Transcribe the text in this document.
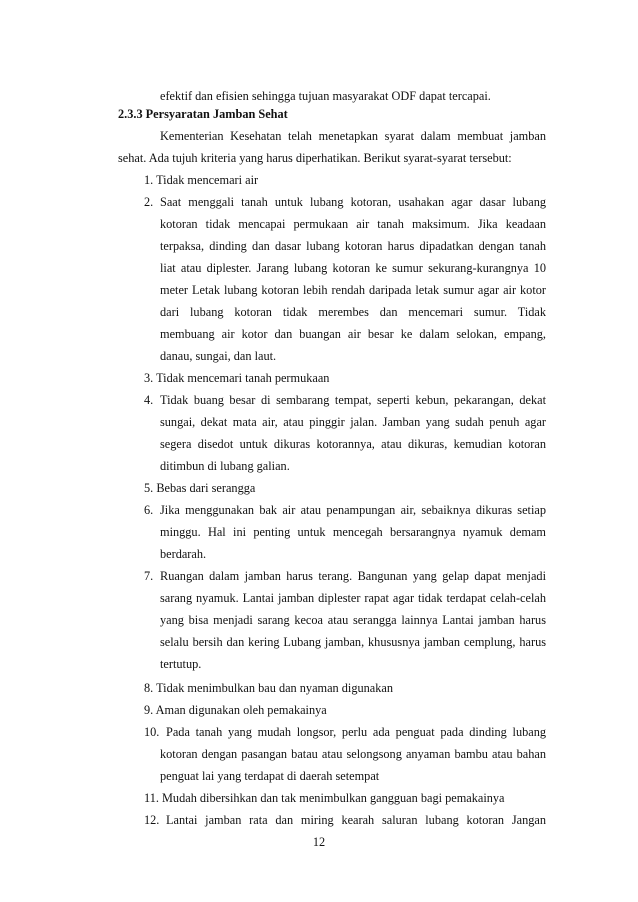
efektif dan efisien sehingga tujuan masyarakat ODF dapat tercapai.
2.3.3 Persyaratan Jamban Sehat
Kementerian Kesehatan telah menetapkan syarat dalam membuat jamban
sehat. Ada tujuh kriteria yang harus diperhatikan. Berikut syarat-syarat tersebut:
1. Tidak mencemari air
2. Saat menggali tanah untuk lubang kotoran, usahakan agar dasar lubang
kotoran tidak mencapai permukaan air tanah maksimum. Jika keadaan
terpaksa, dinding dan dasar lubang kotoran harus dipadatkan dengan tanah
liat atau diplester. Jarang lubang kotoran ke sumur sekurang-kurangnya 10
meter Letak lubang kotoran lebih rendah daripada letak sumur agar air kotor
dari lubang kotoran tidak merembes dan mencemari sumur. Tidak
membuang air kotor dan buangan air besar ke dalam selokan, empang,
danau, sungai, dan laut.
3. Tidak mencemari tanah permukaan
4. Tidak buang besar di sembarang tempat, seperti kebun, pekarangan, dekat
sungai, dekat mata air, atau pinggir jalan. Jamban yang sudah penuh agar
segera disedot untuk dikuras kotorannya, atau dikuras, kemudian kotoran
ditimbun di lubang galian.
5. Bebas dari serangga
6. Jika menggunakan bak air atau penampungan air, sebaiknya dikuras setiap
minggu. Hal ini penting untuk mencegah bersarangnya nyamuk demam
berdarah.
7. Ruangan dalam jamban harus terang. Bangunan yang gelap dapat menjadi
sarang nyamuk. Lantai jamban diplester rapat agar tidak terdapat celah-celah
yang bisa menjadi sarang kecoa atau serangga lainnya Lantai jamban harus
selalu bersih dan kering Lubang jamban, khususnya jamban cemplung, harus
tertutup.
8. Tidak menimbulkan bau dan nyaman digunakan
9. Aman digunakan oleh pemakainya
10. Pada tanah yang mudah longsor, perlu ada penguat pada dinding lubang
kotoran dengan pasangan batau atau selongsong anyaman bambu atau bahan
penguat lai yang terdapat di daerah setempat
11. Mudah dibersihkan dan tak menimbulkan gangguan bagi pemakainya
12. Lantai jamban rata dan miring kearah saluran lubang kotoran Jangan
12
